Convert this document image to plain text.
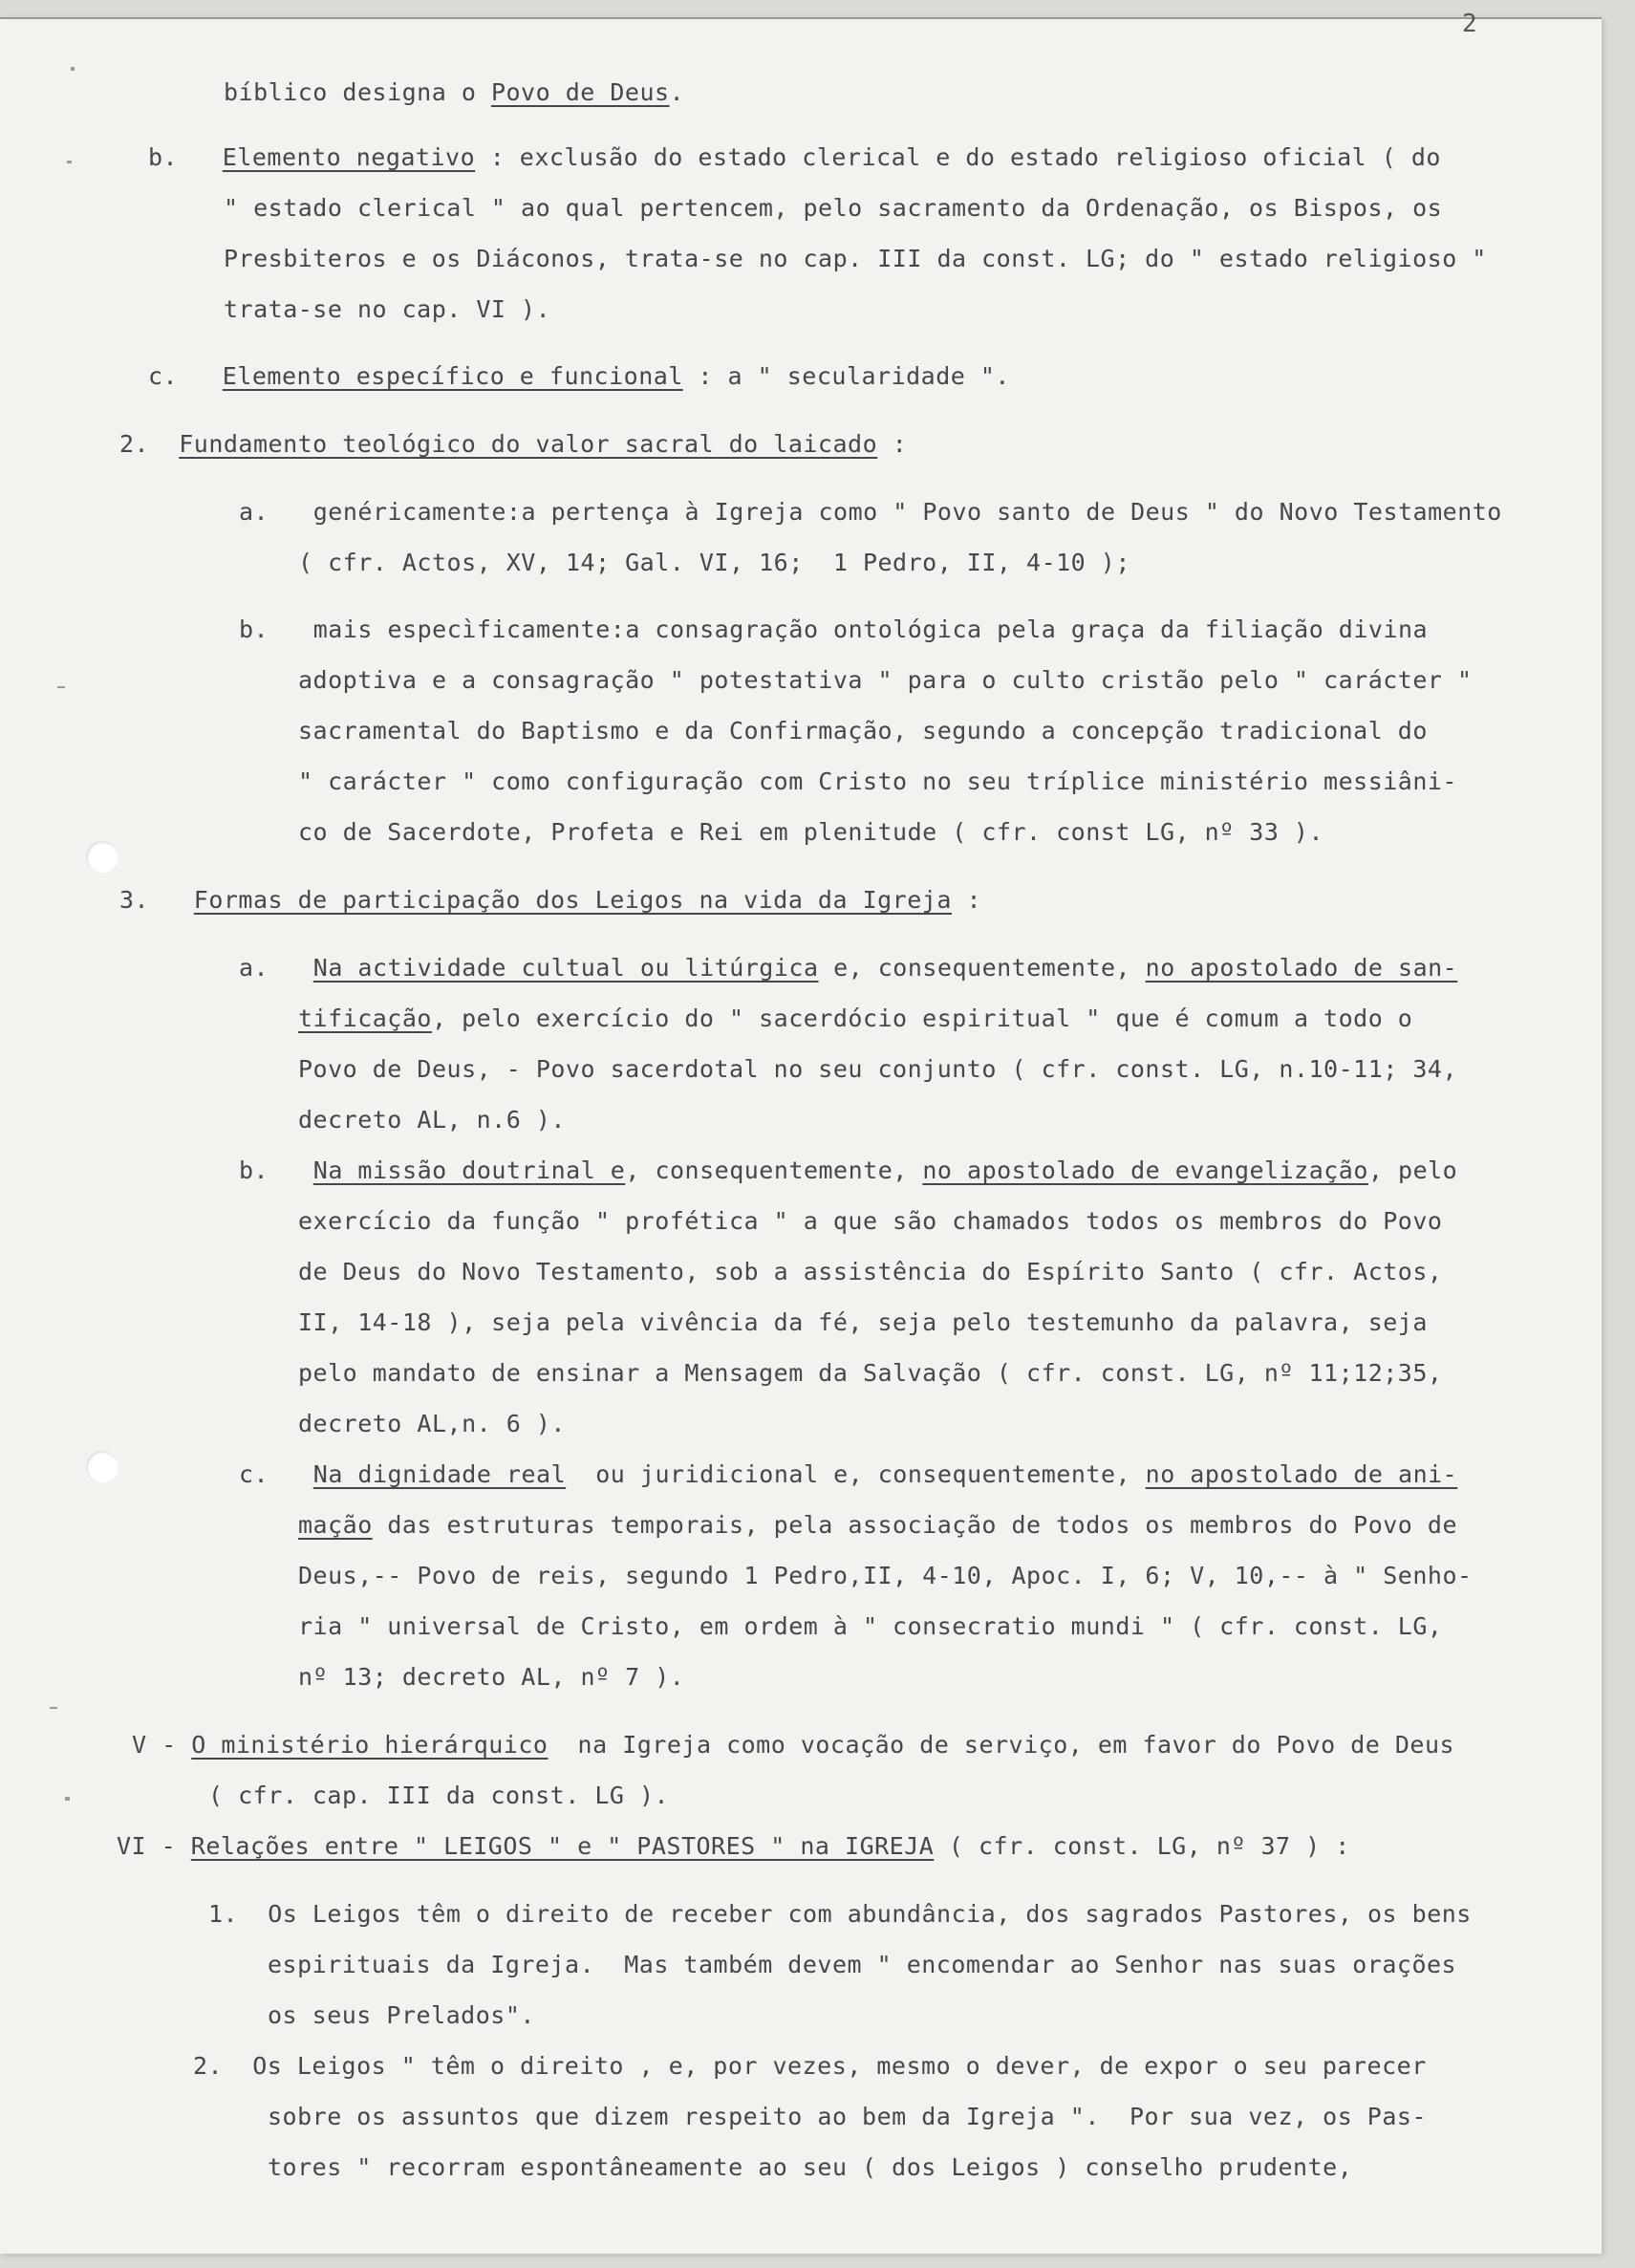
2
bíblico designa o Povo de Deus.
b.   Elemento negativo : exclusão do estado clerical e do estado religioso oficial ( do
" estado clerical " ao qual pertencem, pelo sacramento da Ordenação, os Bispos, os
Presbiteros e os Diáconos, trata-se no cap. III da const. LG; do " estado religioso "
trata-se no cap. VI ).
c.   Elemento específico e funcional : a " secularidade ".
2.  Fundamento teológico do valor sacral do laicado :
a.   genéricamente:a pertença à Igreja como " Povo santo de Deus " do Novo Testamento
( cfr. Actos, XV, 14; Gal. VI, 16;  1 Pedro, II, 4-10 );
b.   mais especìficamente:a consagração ontológica pela graça da filiação divina
adoptiva e a consagração " potestativa " para o culto cristão pelo " carácter "
sacramental do Baptismo e da Confirmação, segundo a concepção tradicional do
" carácter " como configuração com Cristo no seu tríplice ministério messiâni-
co de Sacerdote, Profeta e Rei em plenitude ( cfr. const LG, nº 33 ).
3.   Formas de participação dos Leigos na vida da Igreja :
a.   Na actividade cultual ou litúrgica e, consequentemente, no apostolado de san-
tificação, pelo exercício do " sacerdócio espiritual " que é comum a todo o
Povo de Deus, - Povo sacerdotal no seu conjunto ( cfr. const. LG, n.10-11; 34,
decreto AL, n.6 ).
b.   Na missão doutrinal e, consequentemente, no apostolado de evangelização, pelo
exercício da função " profética " a que são chamados todos os membros do Povo
de Deus do Novo Testamento, sob a assistência do Espírito Santo ( cfr. Actos,
II, 14-18 ), seja pela vivência da fé, seja pelo testemunho da palavra, seja
pelo mandato de ensinar a Mensagem da Salvação ( cfr. const. LG, nº 11;12;35,
decreto AL,n. 6 ).
c.   Na dignidade real  ou juridicional e, consequentemente, no apostolado de ani-
mação das estruturas temporais, pela associação de todos os membros do Povo de
Deus,-- Povo de reis, segundo 1 Pedro,II, 4-10, Apoc. I, 6; V, 10,-- à " Senho-
ria " universal de Cristo, em ordem à " consecratio mundi " ( cfr. const. LG,
nº 13; decreto AL, nº 7 ).
V - O ministério hierárquico  na Igreja como vocação de serviço, em favor do Povo de Deus
( cfr. cap. III da const. LG ).
VI - Relações entre " LEIGOS " e " PASTORES " na IGREJA ( cfr. const. LG, nº 37 ) :
1.  Os Leigos têm o direito de receber com abundância, dos sagrados Pastores, os bens
espirituais da Igreja.  Mas também devem " encomendar ao Senhor nas suas orações
os seus Prelados".
2.  Os Leigos " têm o direito , e, por vezes, mesmo o dever, de expor o seu parecer
sobre os assuntos que dizem respeito ao bem da Igreja ".  Por sua vez, os Pas-
tores " recorram espontâneamente ao seu ( dos Leigos ) conselho prudente,
